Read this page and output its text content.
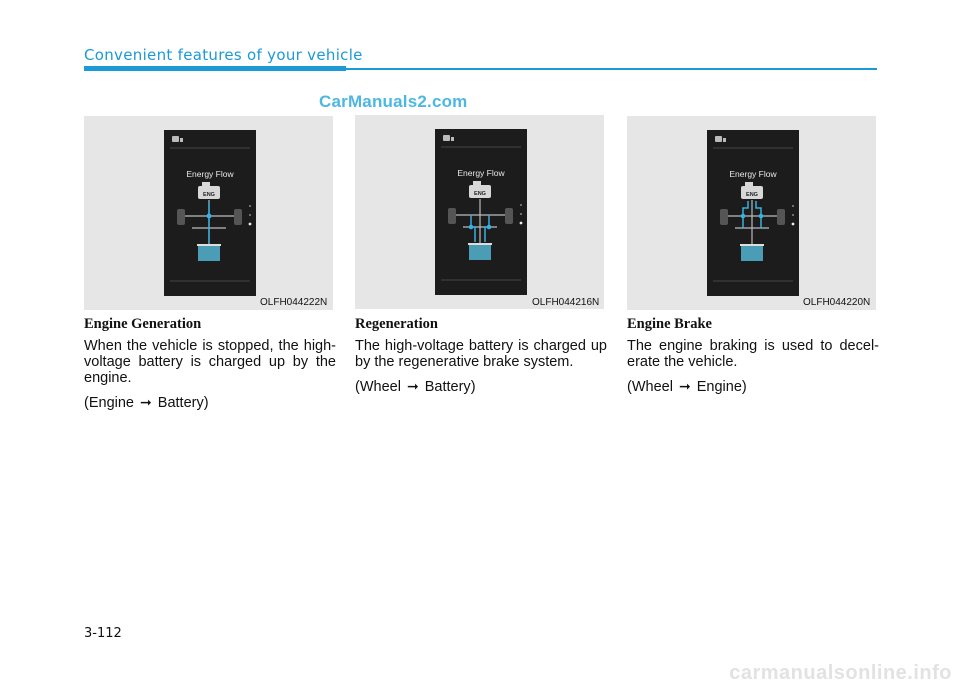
Convenient features of your vehicle
CarManuals2.com
Energy Flow
ENG
OLFH044222N
Energy Flow
ENG
OLFH044216N
Energy Flow
ENG
OLFH044220N
Engine Generation

When the vehicle is stopped, the high-voltage battery is charged up by the engine.

(Engine ➞ Battery)
Regeneration

The high-voltage battery is charged up by the regenerative brake system.

(Wheel ➞ Battery)
Engine Brake

The engine braking is used to decel-erate the vehicle.

(Wheel ➞ Engine)
3-112
carmanualsonline.info
